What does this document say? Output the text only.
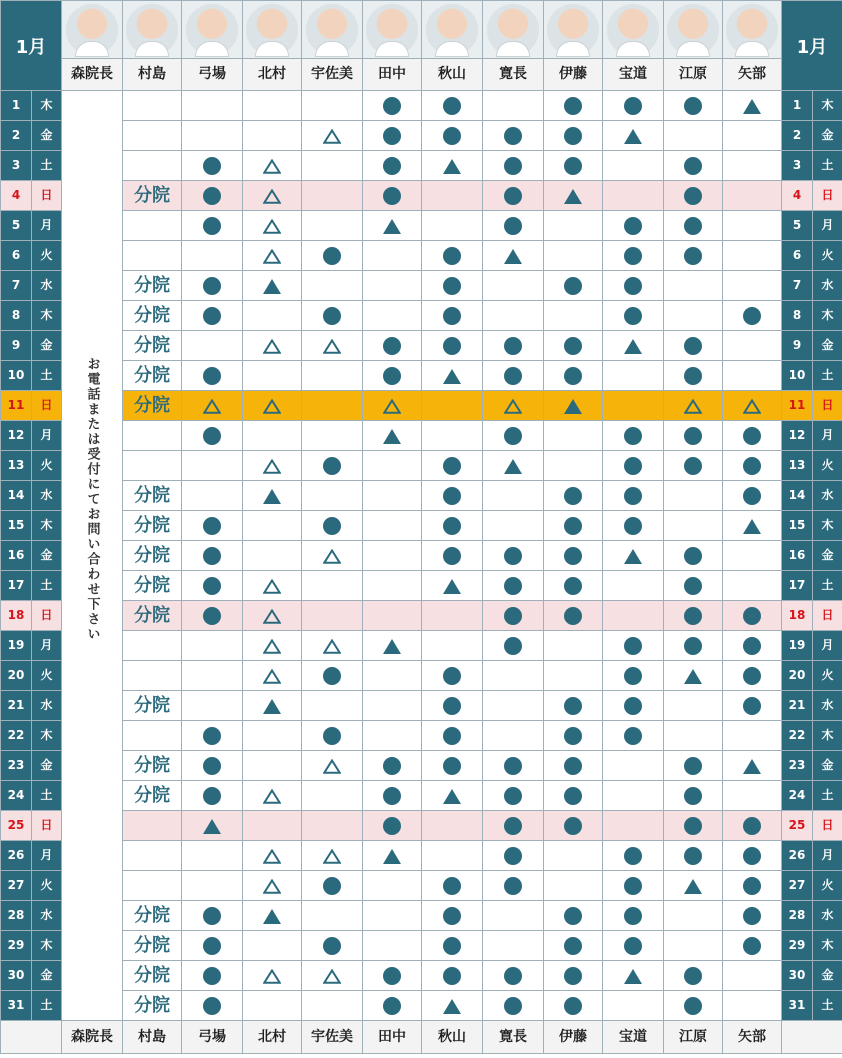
1月														1月	
		森院長	村島	弓場	北村	宇佐美	田中	秋山	寛長	伊藤	宝道	江原	矢部		
1	木	お電話または受付にてお問い合わせ下さい												1	木
2	金													2	金
3	土													3	土
4	日		分院											4	日
5	月													5	月
6	火													6	火
7	水		分院											7	水
8	木		分院											8	木
9	金		分院											9	金
10	土		分院											10	土
11	日		分院											11	日
12	月													12	月
13	火													13	火
14	水		分院											14	水
15	木		分院											15	木
16	金		分院											16	金
17	土		分院											17	土
18	日		分院											18	日
19	月													19	月
20	火													20	火
21	水		分院											21	水
22	木													22	木
23	金		分院											23	金
24	土		分院											24	土
25	日													25	日
26	月													26	月
27	火													27	火
28	水		分院											28	水
29	木		分院											29	木
30	金		分院											30	金
31	土		分院											31	土
		森院長	村島	弓場	北村	宇佐美	田中	秋山	寛長	伊藤	宝道	江原	矢部		
